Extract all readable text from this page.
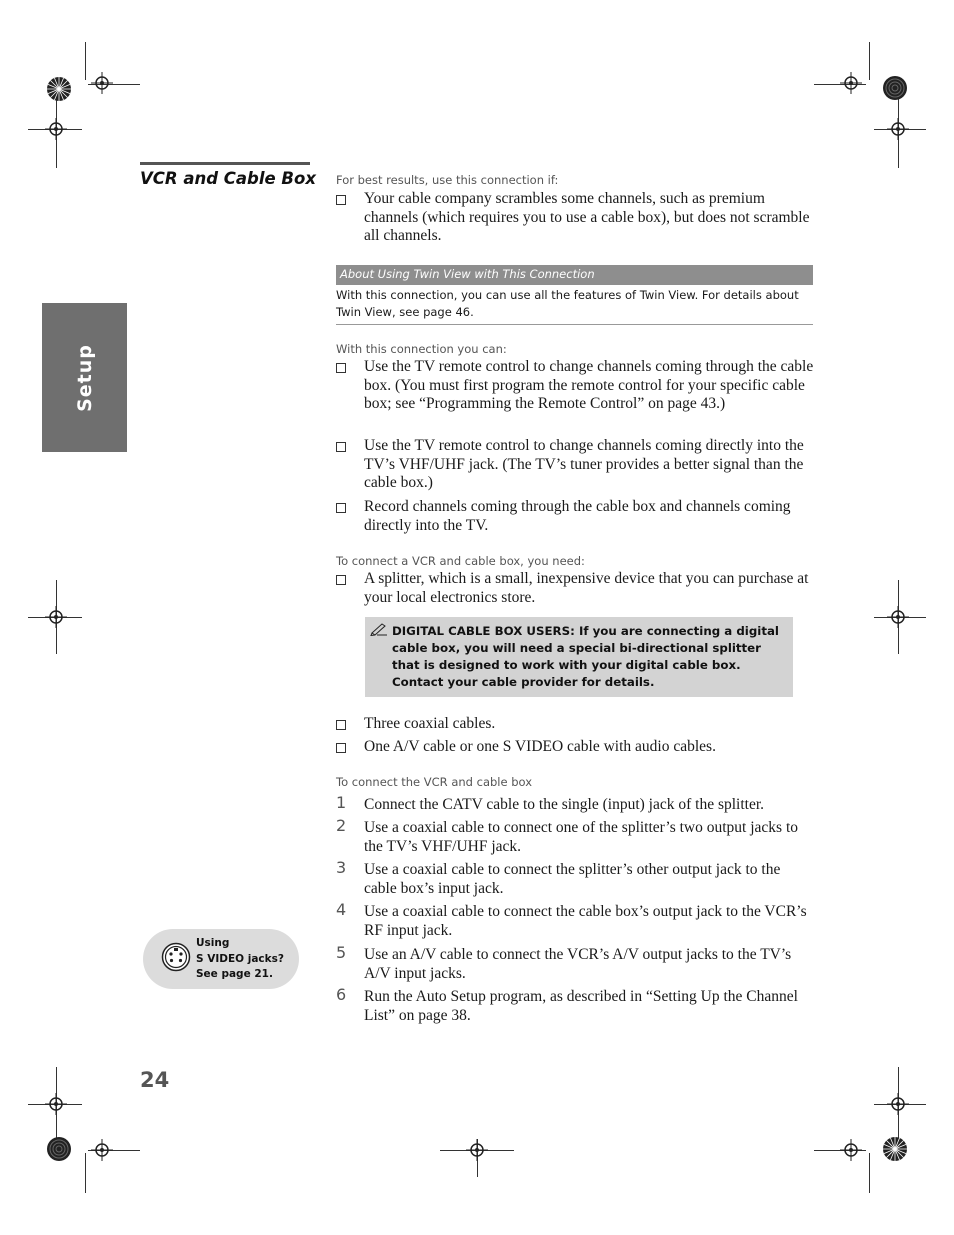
Setup
VCR and Cable Box For best results, use this connection if:
Your cable company scrambles some channels, such as premium channels (which requires you to use a cable box), but does not scramble all channels.
About Using Twin View with This Connection
With this connection, you can use all the features of Twin View. For details about Twin View, see page 46.
With this connection you can:
Use the TV remote control to change channels coming through the cable box. (You must first program the remote control for your specific cable box; see “Programming the Remote Control” on page 43.)
Use the TV remote control to change channels coming directly into the TV’s VHF/UHF jack. (The TV’s tuner provides a better signal than the cable box.)
Record channels coming through the cable box and channels coming directly into the TV.
To connect a VCR and cable box, you need:
A splitter, which is a small, inexpensive device that you can purchase at your local electronics store.
DIGITAL CABLE BOX USERS: If you are connecting a digital cable box, you will need a special bi-directional splitter that is designed to work with your digital cable box. Contact your cable provider for details.
Three coaxial cables.
One A/V cable or one S VIDEO cable with audio cables.
To connect the VCR and cable box
1 Connect the CATV cable to the single (input) jack of the splitter.
2 Use a coaxial cable to connect one of the splitter’s two output jacks to the TV’s VHF/UHF jack.
3 Use a coaxial cable to connect the splitter’s other output jack to the cable box’s input jack.
4 Use a coaxial cable to connect the cable box’s output jack to the VCR’s RF input jack.
5 Use an A/V cable to connect the VCR’s A/V output jacks to the TV’s A/V input jacks.
6 Run the Auto Setup program, as described in “Setting Up the Channel List” on page 38.
Using
S VIDEO jacks?
See page 21.
24
